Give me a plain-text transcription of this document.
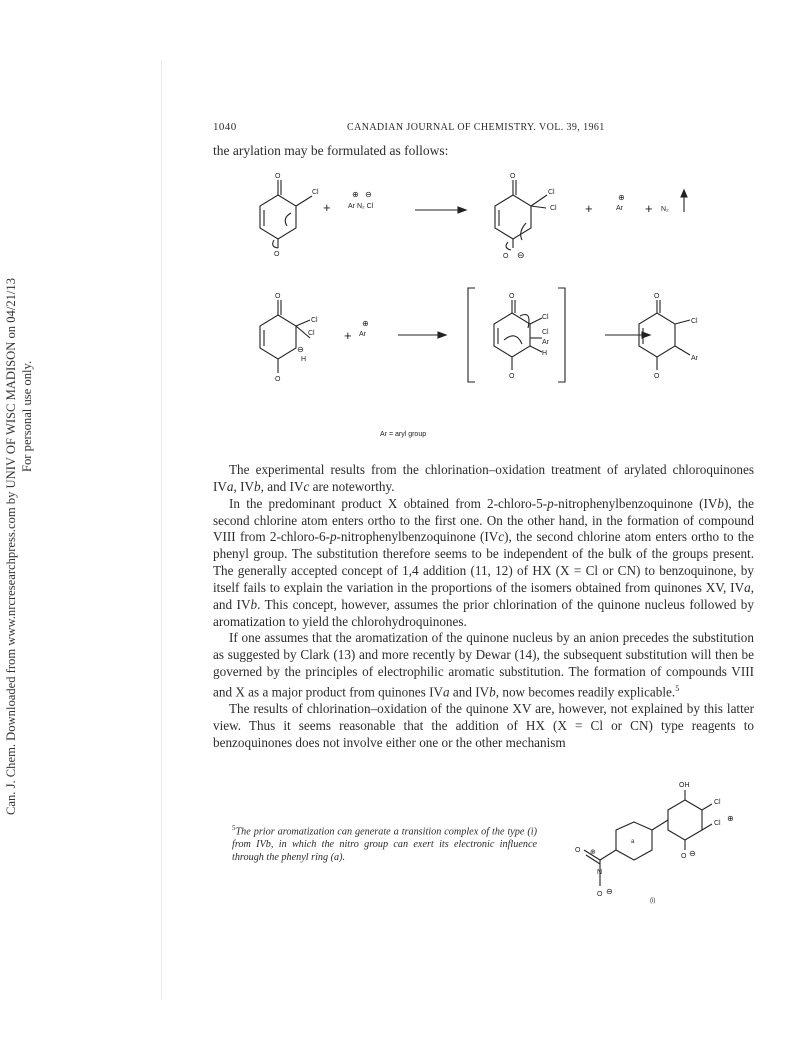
Can. J. Chem. Downloaded from www.nrcresearchpress.com by UNIV OF WISC MADISON on 04/21/13 For personal use only.
1040	CANADIAN JOURNAL OF CHEMISTRY. VOL. 39, 1961
the arylation may be formulated as follows:
O
Cl
O
+
⊕ ⊖
Ar N₂ Cl
O
Cl
Cl
O ⊖
+
⊕
Ar + N₂
O
Cl
Cl
⊖
H
O
+
⊕
Ar
O
Cl
Cl
Ar
H
O
O
Cl
Ar
O
Ar = aryl group

The experimental results from the chlorination–oxidation treatment of arylated chloroquinones IVa, IVb, and IVc are noteworthy.

In the predominant product X obtained from 2-chloro-5-p-nitrophenylbenzoquinone (IVb), the second chlorine atom enters ortho to the first one. On the other hand, in the formation of compound VIII from 2-chloro-6-p-nitrophenylbenzoquinone (IVc), the second chlorine atom enters ortho to the phenyl group. The substitution therefore seems to be independent of the bulk of the groups present. The generally accepted concept of 1,4 addition (11, 12) of HX (X = Cl or CN) to benzoquinone, by itself fails to explain the variation in the proportions of the isomers obtained from quinones XV, IVa, and IVb. This concept, however, assumes the prior chlorination of the quinone nucleus followed by aromatization to yield the chlorohydroquinones.

If one assumes that the aromatization of the quinone nucleus by an anion precedes the substitution as suggested by Clark (13) and more recently by Dewar (14), the subsequent substitution will then be governed by the principles of electrophilic aromatic substitution. The formation of compounds VIII and X as a major product from quinones IVa and IVb, now becomes readily explicable.$^5$

The results of chlorination–oxidation of the quinone XV are, however, not explained by this latter view. Thus it seems reasonable that the addition of HX (X = Cl or CN) type reagents to benzoquinones does not involve either one or the other mechanism

$^5$The prior aromatization can generate a transition complex of the type (i) from IVb, in which the nitro group can exert its electronic influence through the phenyl ring (a).
OH
Cl
Cl
⊕
O ⊖
a
O ⊕
N
O ⊖
(i)
